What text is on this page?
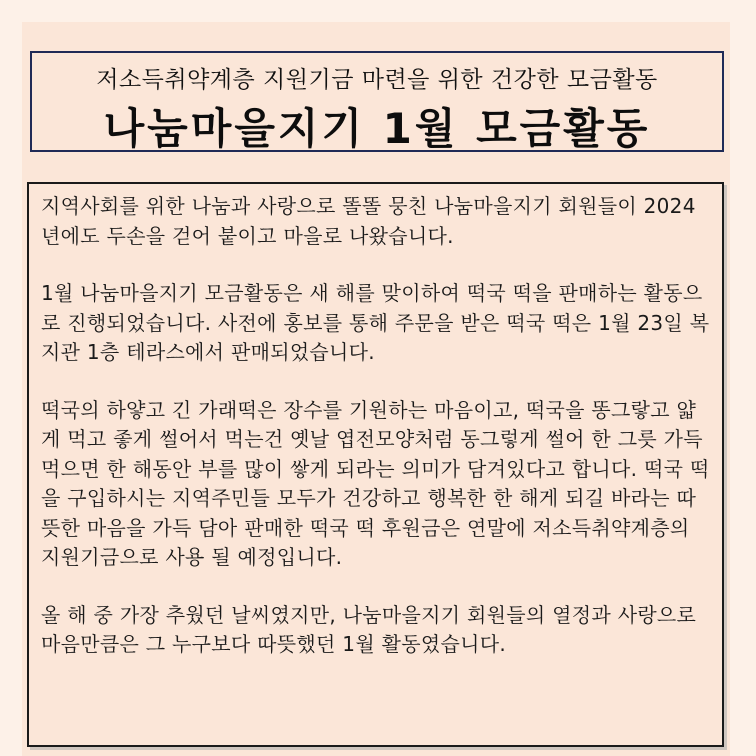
저소득취약계층 지원기금 마련을 위한 건강한 모금활동
나눔마을지기 1월 모금활동

지역사회를 위한 나눔과 사랑으로 똘똘 뭉친 나눔마을지기 회원들이 2024년에도 두손을 걷어 붙이고 마을로 나왔습니다.

1월 나눔마을지기 모금활동은 새 해를 맞이하여 떡국 떡을 판매하는 활동으로 진행되었습니다. 사전에 홍보를 통해 주문을 받은 떡국 떡은 1월 23일 복지관 1층 테라스에서 판매되었습니다.

떡국의 하얗고 긴 가래떡은 장수를 기원하는 마음이고, 떡국을 똥그랗고 얇게 먹고 좋게 썰어서 먹는건 옛날 엽전모양처럼 동그렇게 썰어 한 그릇 가득 먹으면 한 해동안 부를 많이 쌓게 되라는 의미가 담겨있다고 합니다. 떡국 떡을 구입하시는 지역주민들 모두가 건강하고 행복한 한 해게 되길 바라는 따뜻한 마음을 가득 담아 판매한 떡국 떡 후원금은 연말에 저소득취약계층의 지원기금으로 사용 될 예정입니다.

올 해 중 가장 추웠던 날씨였지만, 나눔마을지기 회원들의 열정과 사랑으로 마음만큼은 그 누구보다 따뜻했던 1월 활동였습니다.
